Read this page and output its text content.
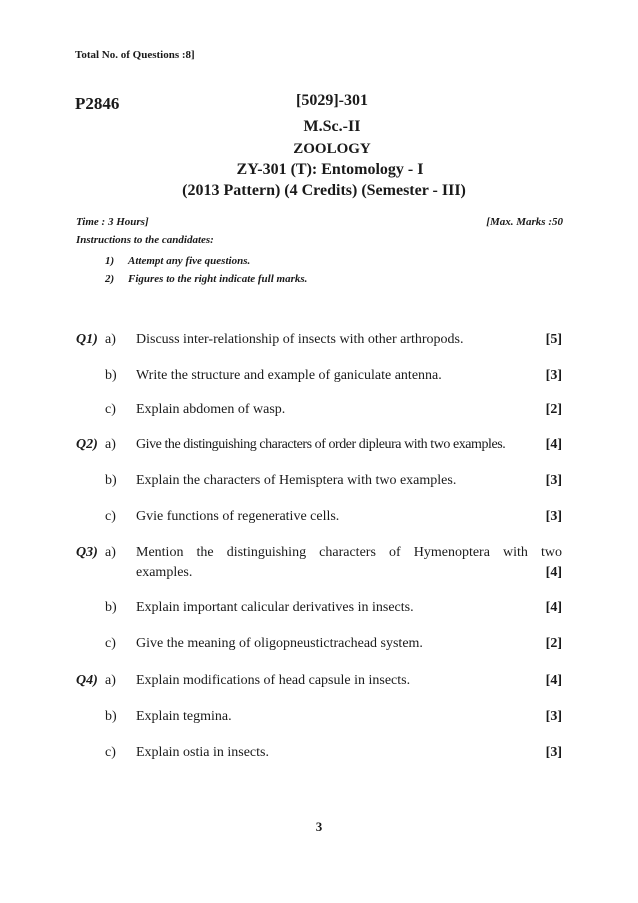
Total No. of Questions :8]
P2846	[5029]-301
M.Sc.-II
ZOOLOGY
ZY-301 (T): Entomology - I
(2013 Pattern) (4 Credits) (Semester - III)
Time : 3 Hours]	[Max. Marks :50
Instructions to the candidates:
1) Attempt any five questions.
2) Figures to the right indicate full marks.
Q1) a) Discuss inter-relationship of insects with other arthropods.	[5]
b) Write the structure and example of ganiculate antenna.	[3]
c) Explain abdomen of wasp.	[2]
Q2) a) Give the distinguishing characters of order dipleura with two examples.	[4]
b) Explain the characters of Hemisptera with two examples.	[3]
c) Gvie functions of regenerative cells.	[3]
Q3) a) Mention the distinguishing characters of Hymenoptera with two
examples.	[4]
b) Explain important calicular derivatives in insects.	[4]
c) Give the meaning of oligopneustictrachead system.	[2]
Q4) a) Explain modifications of head capsule in insects.	[4]
b) Explain tegmina.	[3]
c) Explain ostia in insects.	[3]
3
